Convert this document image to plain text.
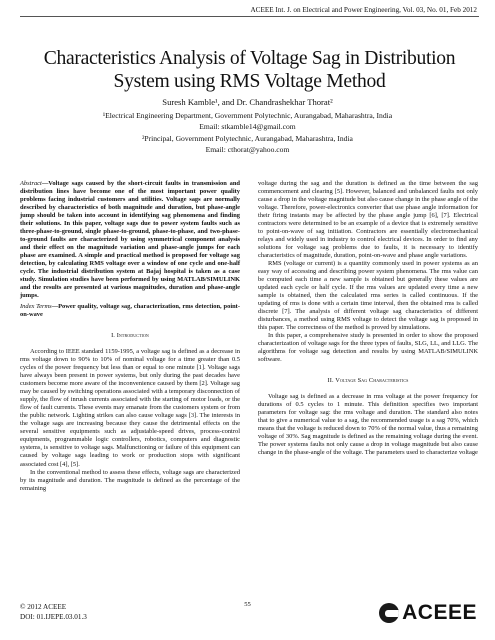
ACEEE Int. J. on Electrical and Power Engineering, Vol. 03, No. 01, Feb 2012
Characteristics Analysis of Voltage Sag in Distribution
System using RMS Voltage Method
Suresh Kamble¹, and Dr. Chandrashekhar Thorat²
¹Electrical Engineering Department, Government Polytechnic, Aurangabad, Maharashtra, India
Email: stkamble14@gmail.com
²Principal, Government Polytechnic, Aurangabad, Maharashtra, India
Email: cthorat@yahoo.com

Abstract—Voltage sags caused by the short-circuit faults in transmission and distribution lines have become one of the most important power quality problems facing industrial customers and utilities. Voltage sags are normally described by characteristics of both magnitude and duration, but phase-angle jump should be taken into account in identifying sag phenomena and finding their solutions. In this paper, voltage sags due to power system faults such as three-phase-to-ground, single phase-to-ground, phase-to-phase, and two-phase-to-ground faults are characterized by using symmetrical component analysis and their effect on the magnitude variation and phase-angle jumps for each phase are examined. A simple and practical method is proposed for voltage sag detection, by calculating RMS voltage over a window of one cycle and one-half cycle. The industrial distribution system at Bajaj hospital is taken as a case study. Simulation studies have been performed by using MATLAB/SIMULINK and the results are presented at various magnitudes, duration and phase-angle jumps.

Index Terms—Power quality, voltage sag, characterization, rms detection, point-on-wave

I. Introduction

According to IEEE standard 1159-1995, a voltage sag is defined as a decrease in rms voltage down to 90% to 10% of nominal voltage for a time greater than 0.5 cycles of the power frequency but less than or equal to one minute [1]. Voltage sags have always been present in power systems, but only during the past decades have customers become more aware of the inconvenience caused by them [2]. Voltage sag may be caused by switching operations associated with a temporary disconnection of supply, the flow of inrush currents associated with the starting of motor loads, or the flow of fault currents. These events may emanate from the customers system or from the public network. Lighting strikes can also cause voltage sags [3]. The interests in the voltage sags are increasing because they cause the detrimental effects on the several sensitive equipments such as adjustable-speed drives, process-control equipments, programmable logic controllers, robotics, computers and diagnostic systems, is sensitive to voltage sags. Malfunctioning or failure of this equipment can caused by voltage sags leading to work or production stops with significant associated cost [4], [5].

In the conventional method to assess these effects, voltage sags are characterized by its magnitude and duration. The magnitude is defined as the percentage of the remaining

voltage during the sag and the duration is defined as the time between the sag commencement and clearing [5]. However, balanced and unbalanced faults not only cause a drop in the voltage magnitude but also cause change in the phase angle of the voltage. Therefore, power-electronics converter that use phase angle information for their firing instants may be affected by the phase angle jump [6], [7]. Electrical contractors were determined to be an example of a device that is extremely sensitive to point-on-wave of sag initiation. Contractors are essentially electromechanical relays and widely used in industry to control electrical devices. In order to find any solutions for voltage sag problems due to faults, it is necessary to identify characteristics of magnitude, duration, point-on-wave and phase angle variations.

RMS (voltage or current) is a quantity commonly used in power systems as an easy way of accessing and describing power system phenomena. The rms value can be computed each time a new sample is obtained but generally these values are updated each cycle or half cycle. If the rms values are updated every time a new sample is obtained, then the calculated rms series is called continuous. If the updating of rms is done with a certain time interval, then the obtained rms is called discrete [7]. The analysis of different voltage sag characteristics of different disturbances, a method using RMS voltage to detect the voltage sag is proposed in this paper. The correctness of the method is proved by simulations.

In this paper, a comprehensive study is presented in order to show the proposed characterization of voltage sags for the three types of faults, SLG, LL, and LLG. The algorithms for voltage sag detection and results by using MATLAB/SIMULINK software.

II. Voltage Sag Characteristics

Voltage sag is defined as a decrease in rms voltage at the power frequency for durations of 0.5 cycles to 1 minute. This definition specifies two important parameters for voltage sag: the rms voltage and duration. The standard also notes that to give a numerical value to a sag, the recommended usage is a sag 70%, which means that the voltage is reduced down to 70% of the normal value, thus a remaining voltage of 30%. Sag magnitude is defined as the remaining voltage during the event. The power systems faults not only cause a drop in voltage magnitude but also cause change in the phase-angle of the voltage. The parameters used to characterize voltage

© 2012 ACEEE
DOI: 01.IJEPE.03.01.3
55	ACEEE
